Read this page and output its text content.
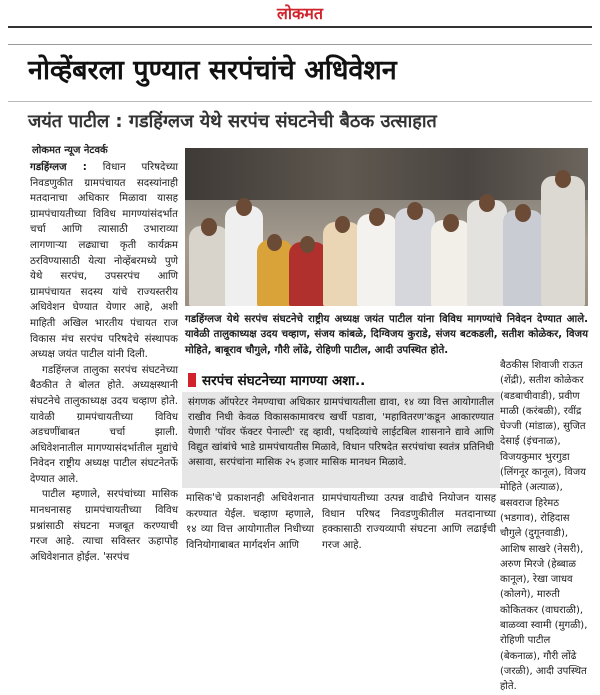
लोकमत
नोव्हेंबरला पुण्यात सरपंचांचे अधिवेशन
जयंत पाटील : गडहिंग्लज येथे सरपंच संघटनेची बैठक उत्साहात
लोकमत न्यूज नेटवर्क

गडहिंग्लज : विधान परिषदेच्या निवडणुकीत ग्रामपंचायत सदस्यांनाही मतदानाचा अधिकार मिळावा यासह ग्रामपंचायतीच्या विविध मागण्यांसंदर्भात चर्चा आणि त्यासाठी उभाराव्या लागणाऱ्या लढ्याचा कृती कार्यक्रम ठरविण्यासाठी येत्या नोव्हेंबरमध्ये पुणे येथे सरपंच, उपसरपंच आणि ग्रामपंचायत सदस्य यांचे राज्यस्तरीय अधिवेशन घेण्यात येणार आहे, अशी माहिती अखिल भारतीय पंचायत राज विकास मंच सरपंच परिषदेचे संस्थापक अध्यक्ष जयंत पाटील यांनी दिली.

गडहिंग्लज तालुका सरपंच संघटनेच्या बैठकीत ते बोलत होते. अध्यक्षस्थानी संघटनेचे तालुकाध्यक्ष उदय चव्हाण होते. यावेळी ग्रामपंचायतीच्या विविध अडचणींबाबत चर्चा झाली. अधिवेशनातील मागण्यासंदर्भातील मुद्यांचे निवेदन राष्ट्रीय अध्यक्ष पाटील संघटनेतर्फे देण्यात आले.

पाटील म्हणाले, सरपंचांच्या मासिक मानधनासह ग्रामपंचायतीच्या विविध प्रश्नांसाठी संघटना मजबूत करण्याची गरज आहे. त्याचा सविस्तर ऊहापोह अधिवेशनात होईल. 'सरपंच

गडहिंग्लज येथे सरपंच संघटनेचे राष्ट्रीय अध्यक्ष जयंत पाटील यांना विविध मागण्यांचे निवेदन देण्यात आले. यावेळी तालुकाध्यक्ष उदय चव्हाण, संजय कांबळे, दिग्विजय कुराडे, संजय बटकडली, सतीश कोळेकर, विजय मोहिते, बाबूराव चौगुले, गौरी लोंढे, रोहिणी पाटील, आदी उपस्थित होते.
सरपंच संघटनेच्या मागण्या अशा..
संगणक ऑपरेटर नेमण्याचा अधिकार ग्रामपंचायतीला द्यावा, १४ व्या वित्त आयोगातील राखीव निधी केवळ विकासकामावरच खर्ची पडावा, 'महावितरण'कडून आकारण्यात येणारी 'पॉवर फॅक्टर पेनाल्टी' रद्द व्हावी, पथदिव्यांचे लाईटबिल शासनाने द्यावे आणि विद्युत खांबांचे भाडे ग्रामपंचायतीस मिळावे, विधान परिषदेत सरपंचांचा स्वतंत्र प्रतिनिधी असावा, सरपंचांना मासिक २५ हजार मासिक मानधन मिळावे.
मासिक'चे प्रकाशनही अधिवेशनात करण्यात येईल. चव्हाण म्हणाले, १४ व्या वित्त आयोगातील निधीच्या विनियोगाबाबत मार्गदर्शन आणि
ग्रामपंचायतीच्या उत्पन्न वाढीचे नियोजन यासह विधान परिषद निवडणुकीतील मतदानाच्या हक्कासाठी राज्यव्यापी संघटना आणि लढाईची गरज आहे.
बैठकीस शिवाजी राऊत (शेंद्री), सतीश कोळेकर (बडबाचीवाडी), प्रवीण माळी (करंबळी), रवींद्र घेज्जी (मांडाळ), सुजित देसाई (इंचनाळ), विजयकुमार भुरगुडा (लिंगनूर कानूल), विजय मोहिते (अत्याळ), बसवराज हिरेमठ (भडगाव), रोहिदास चौगुले (दुगूनवाडी), आशिष साखरे (नेसरी), अरुण मिरजे (हेब्बाळ कानूल), रेखा जाधव (कोलगे), मारुती कोकितकर (वाघराळी), बाळव्वा स्वामी (मुगळी), रोहिणी पाटील (बेकनाळ), गौरी लोंढे (जरळी), आदी उपस्थित होते.
